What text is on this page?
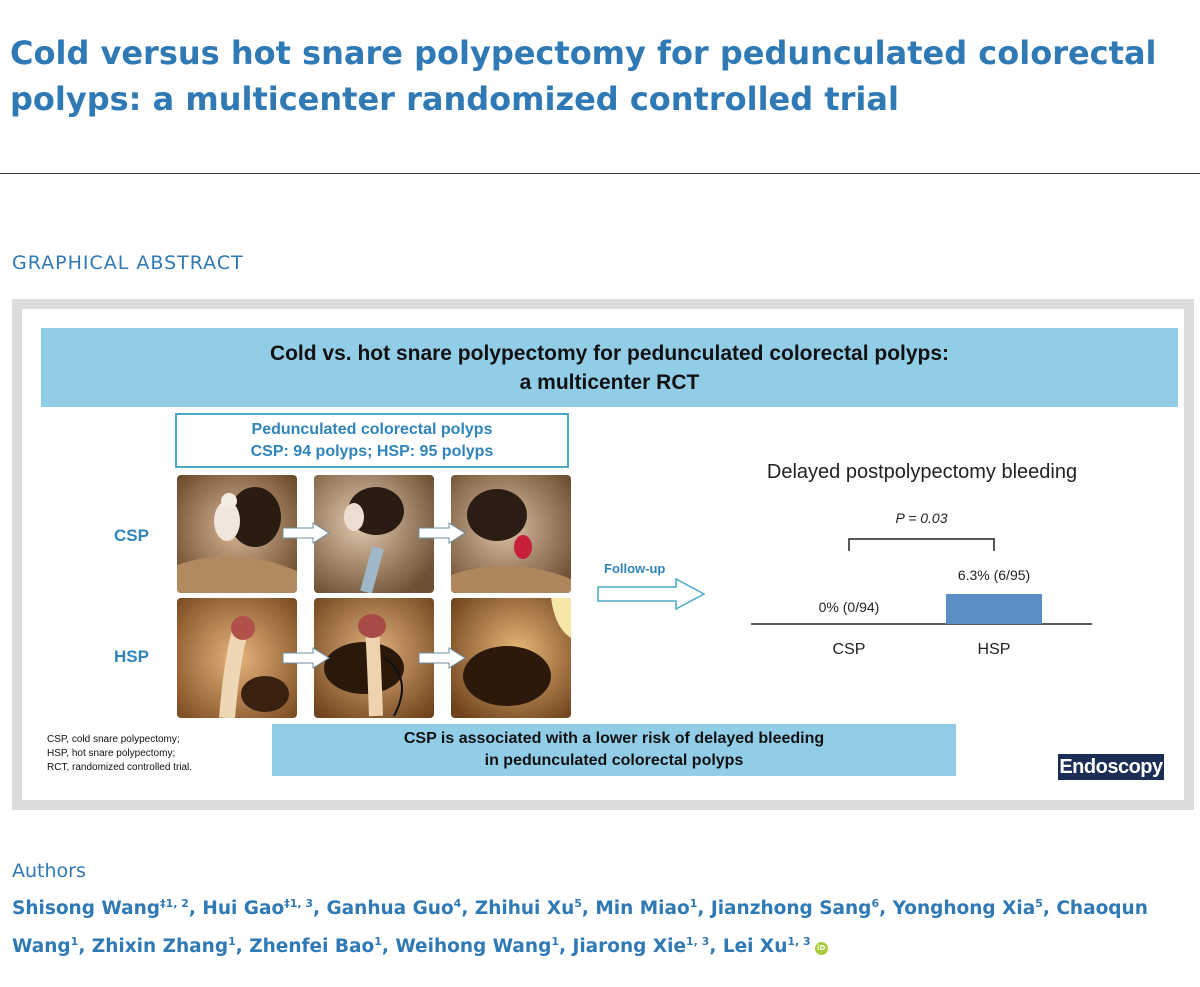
Cold versus hot snare polypectomy for pedunculated colorectal polyps: a multicenter randomized controlled trial
GRAPHICAL ABSTRACT
Cold vs. hot snare polypectomy for pedunculated colorectal polyps:
a multicenter RCT
Pedunculated colorectal polyps
CSP: 94 polyps; HSP: 95 polyps
CSP
HSP
Follow-up
Delayed postpolypectomy bleeding
0% (0/94)
CSP
6.3% (6/95)
HSP
P = 0.03
CSP, cold snare polypectomy;
HSP, hot snare polypectomy;
RCT, randomized controlled trial.
CSP is associated with a lower risk of delayed bleeding
in pedunculated colorectal polyps	Endoscopy
Authors
Shisong Wang$^{\ddagger 1, 2}$, Hui Gao$^{\ddagger 1, 3}$, Ganhua Guo$^4$, Zhihui Xu$^5$, Min Miao$^1$, Jianzhong Sang$^6$, Yonghong Xia$^5$, Chaoqun Wang$^1$, Zhixin Zhang$^1$, Zhenfei Bao$^1$, Weihong Wang$^1$, Jiarong Xie$^{1, 3}$, Lei Xu$^{1, 3}$iD
